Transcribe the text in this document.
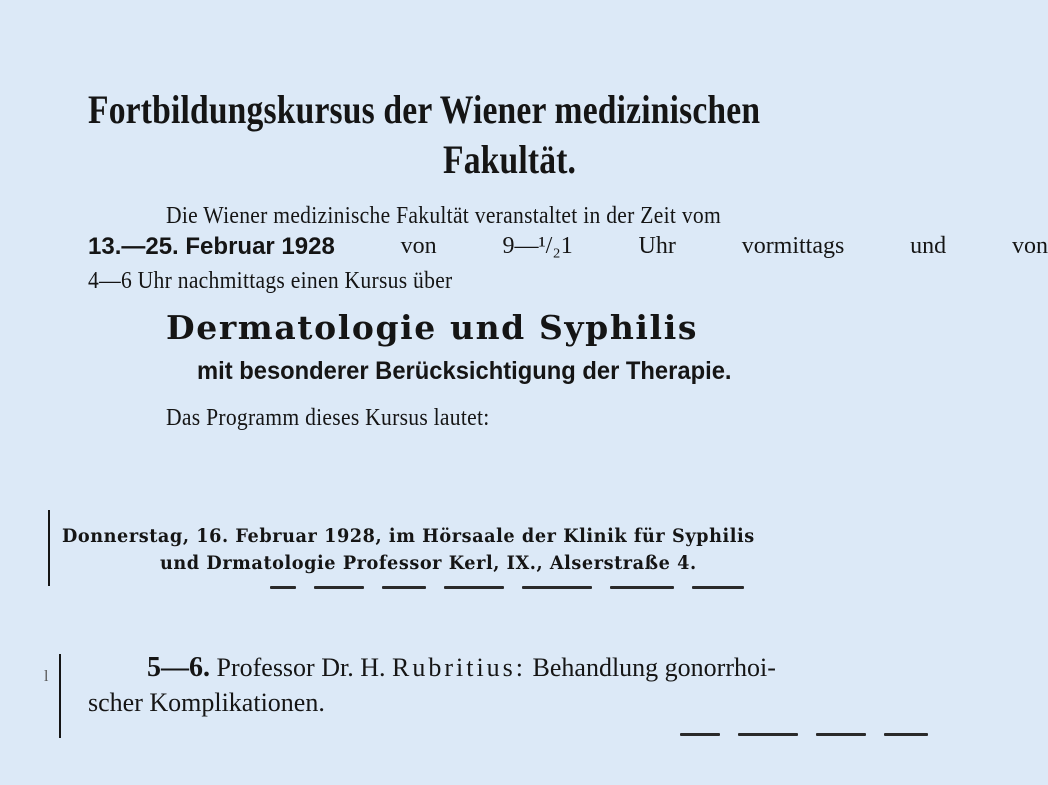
Fortbildungskursus der Wiener medizinischen
Fakultät.
Die Wiener medizinische Fakultät veranstaltet in der Zeit vom
13.—25. Februar 1928	von	9—¹/₂1	Uhr	vormittags	und	von
4—6 Uhr nachmittags einen Kursus über
Dermatologie und Syphilis
mit besonderer Berücksichtigung der Therapie.
Das Programm dieses Kursus lautet:
Donnerstag, 16. Februar 1928, im Hörsaale der Klinik für Syphilis
und Drmatologie Professor Kerl, IX., Alserstraße 4.
l	5—6. Professor Dr. H. Rubritius: Behandlung gonorrhoi-
scher Komplikationen.
